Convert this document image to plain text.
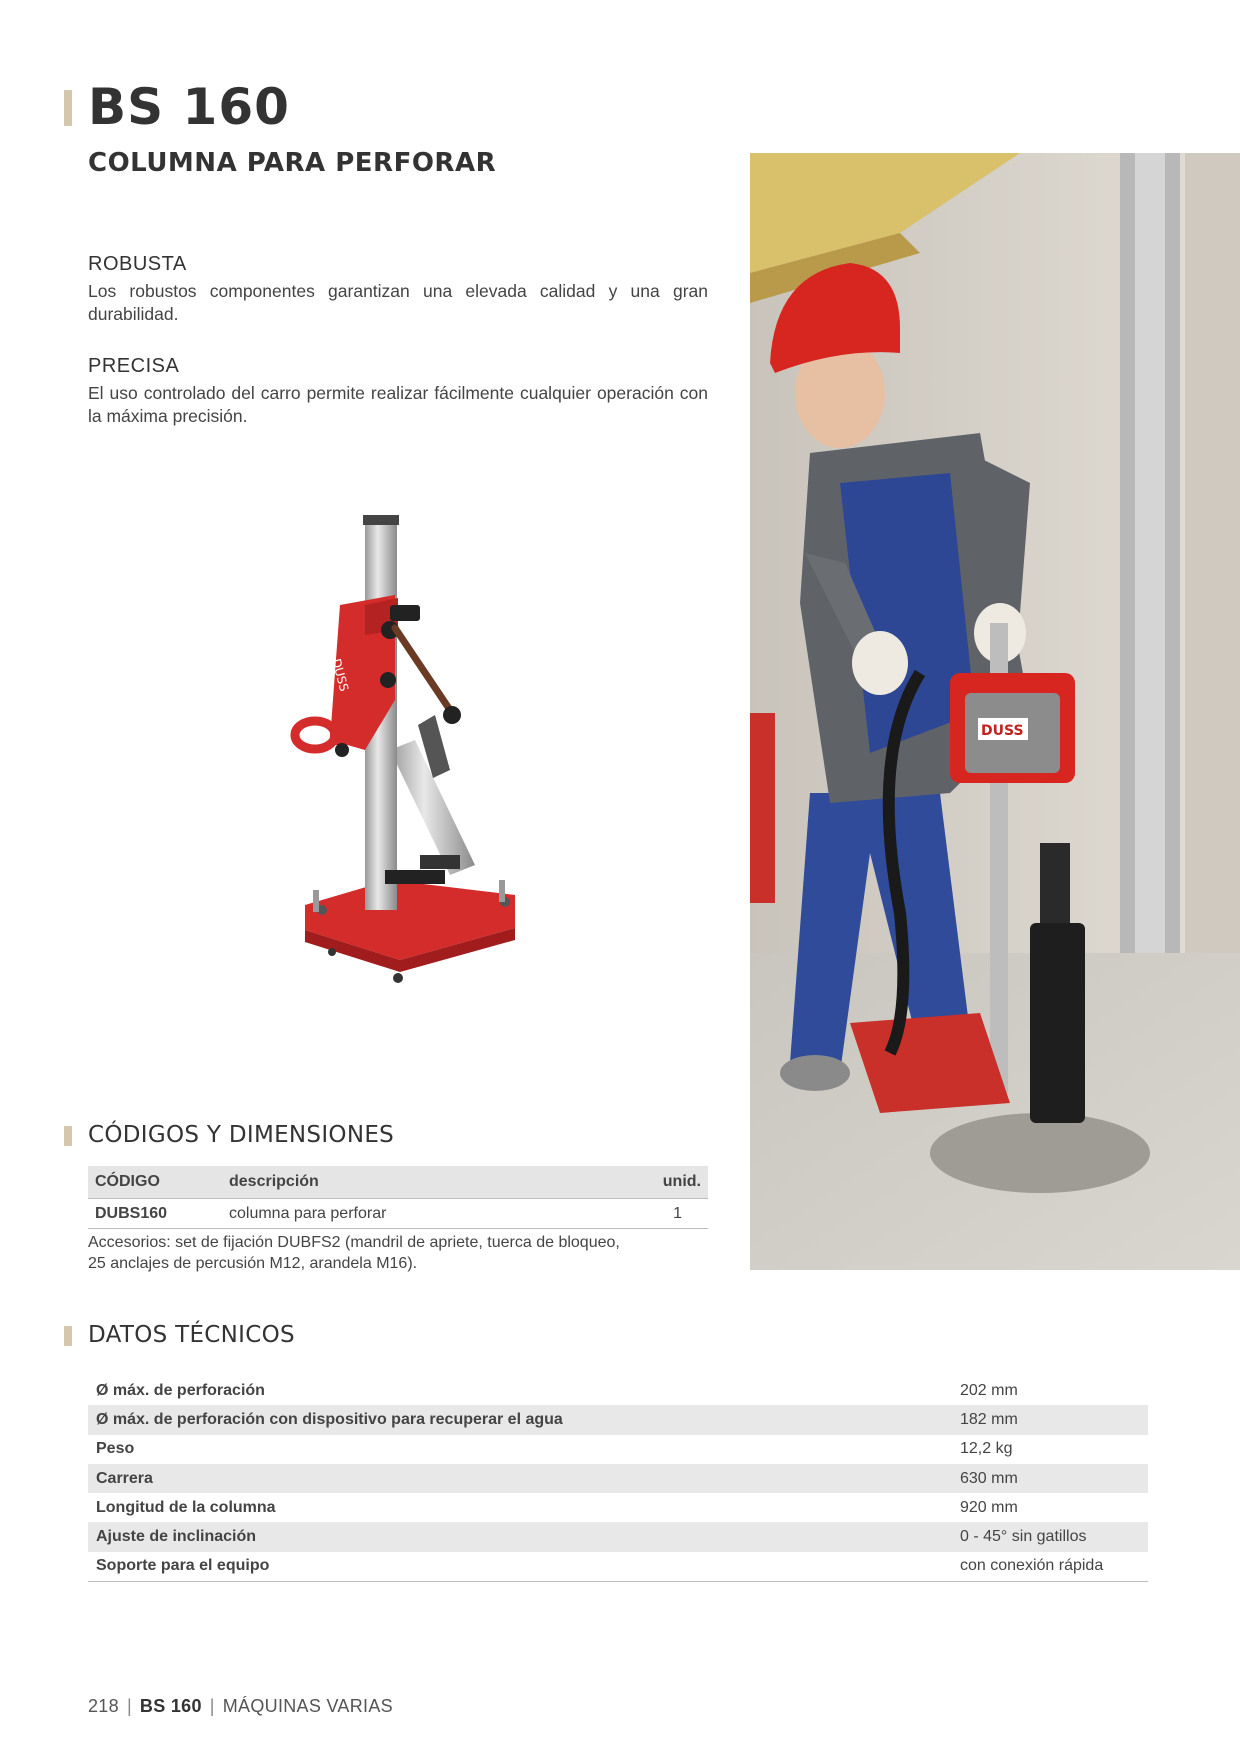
BS 160
COLUMNA PARA PERFORAR
ROBUSTA

Los robustos componentes garantizan una elevada calidad y una gran durabilidad.

PRECISA

El uso controlado del carro permite realizar fácilmente cualquier operación con la máxima precisión.

DUSS
DUSS
CÓDIGOS Y DIMENSIONES
CÓDIGO	descripción	unid.
DUBS160	columna para perforar	1

Accesorios: set de fijación DUBFS2 (mandril de apriete, tuerca de bloqueo,
25 anclajes de percusión M12, arandela M16).

DATOS TÉCNICOS
Ø máx. de perforación	202 mm
Ø máx. de perforación con dispositivo para recuperar el agua	182 mm
Peso	12,2 kg
Carrera	630 mm
Longitud de la columna	920 mm
Ajuste de inclinación	0 - 45° sin gatillos
Soporte para el equipo	con conexión rápida
218 | BS 160 | MÁQUINAS VARIAS
